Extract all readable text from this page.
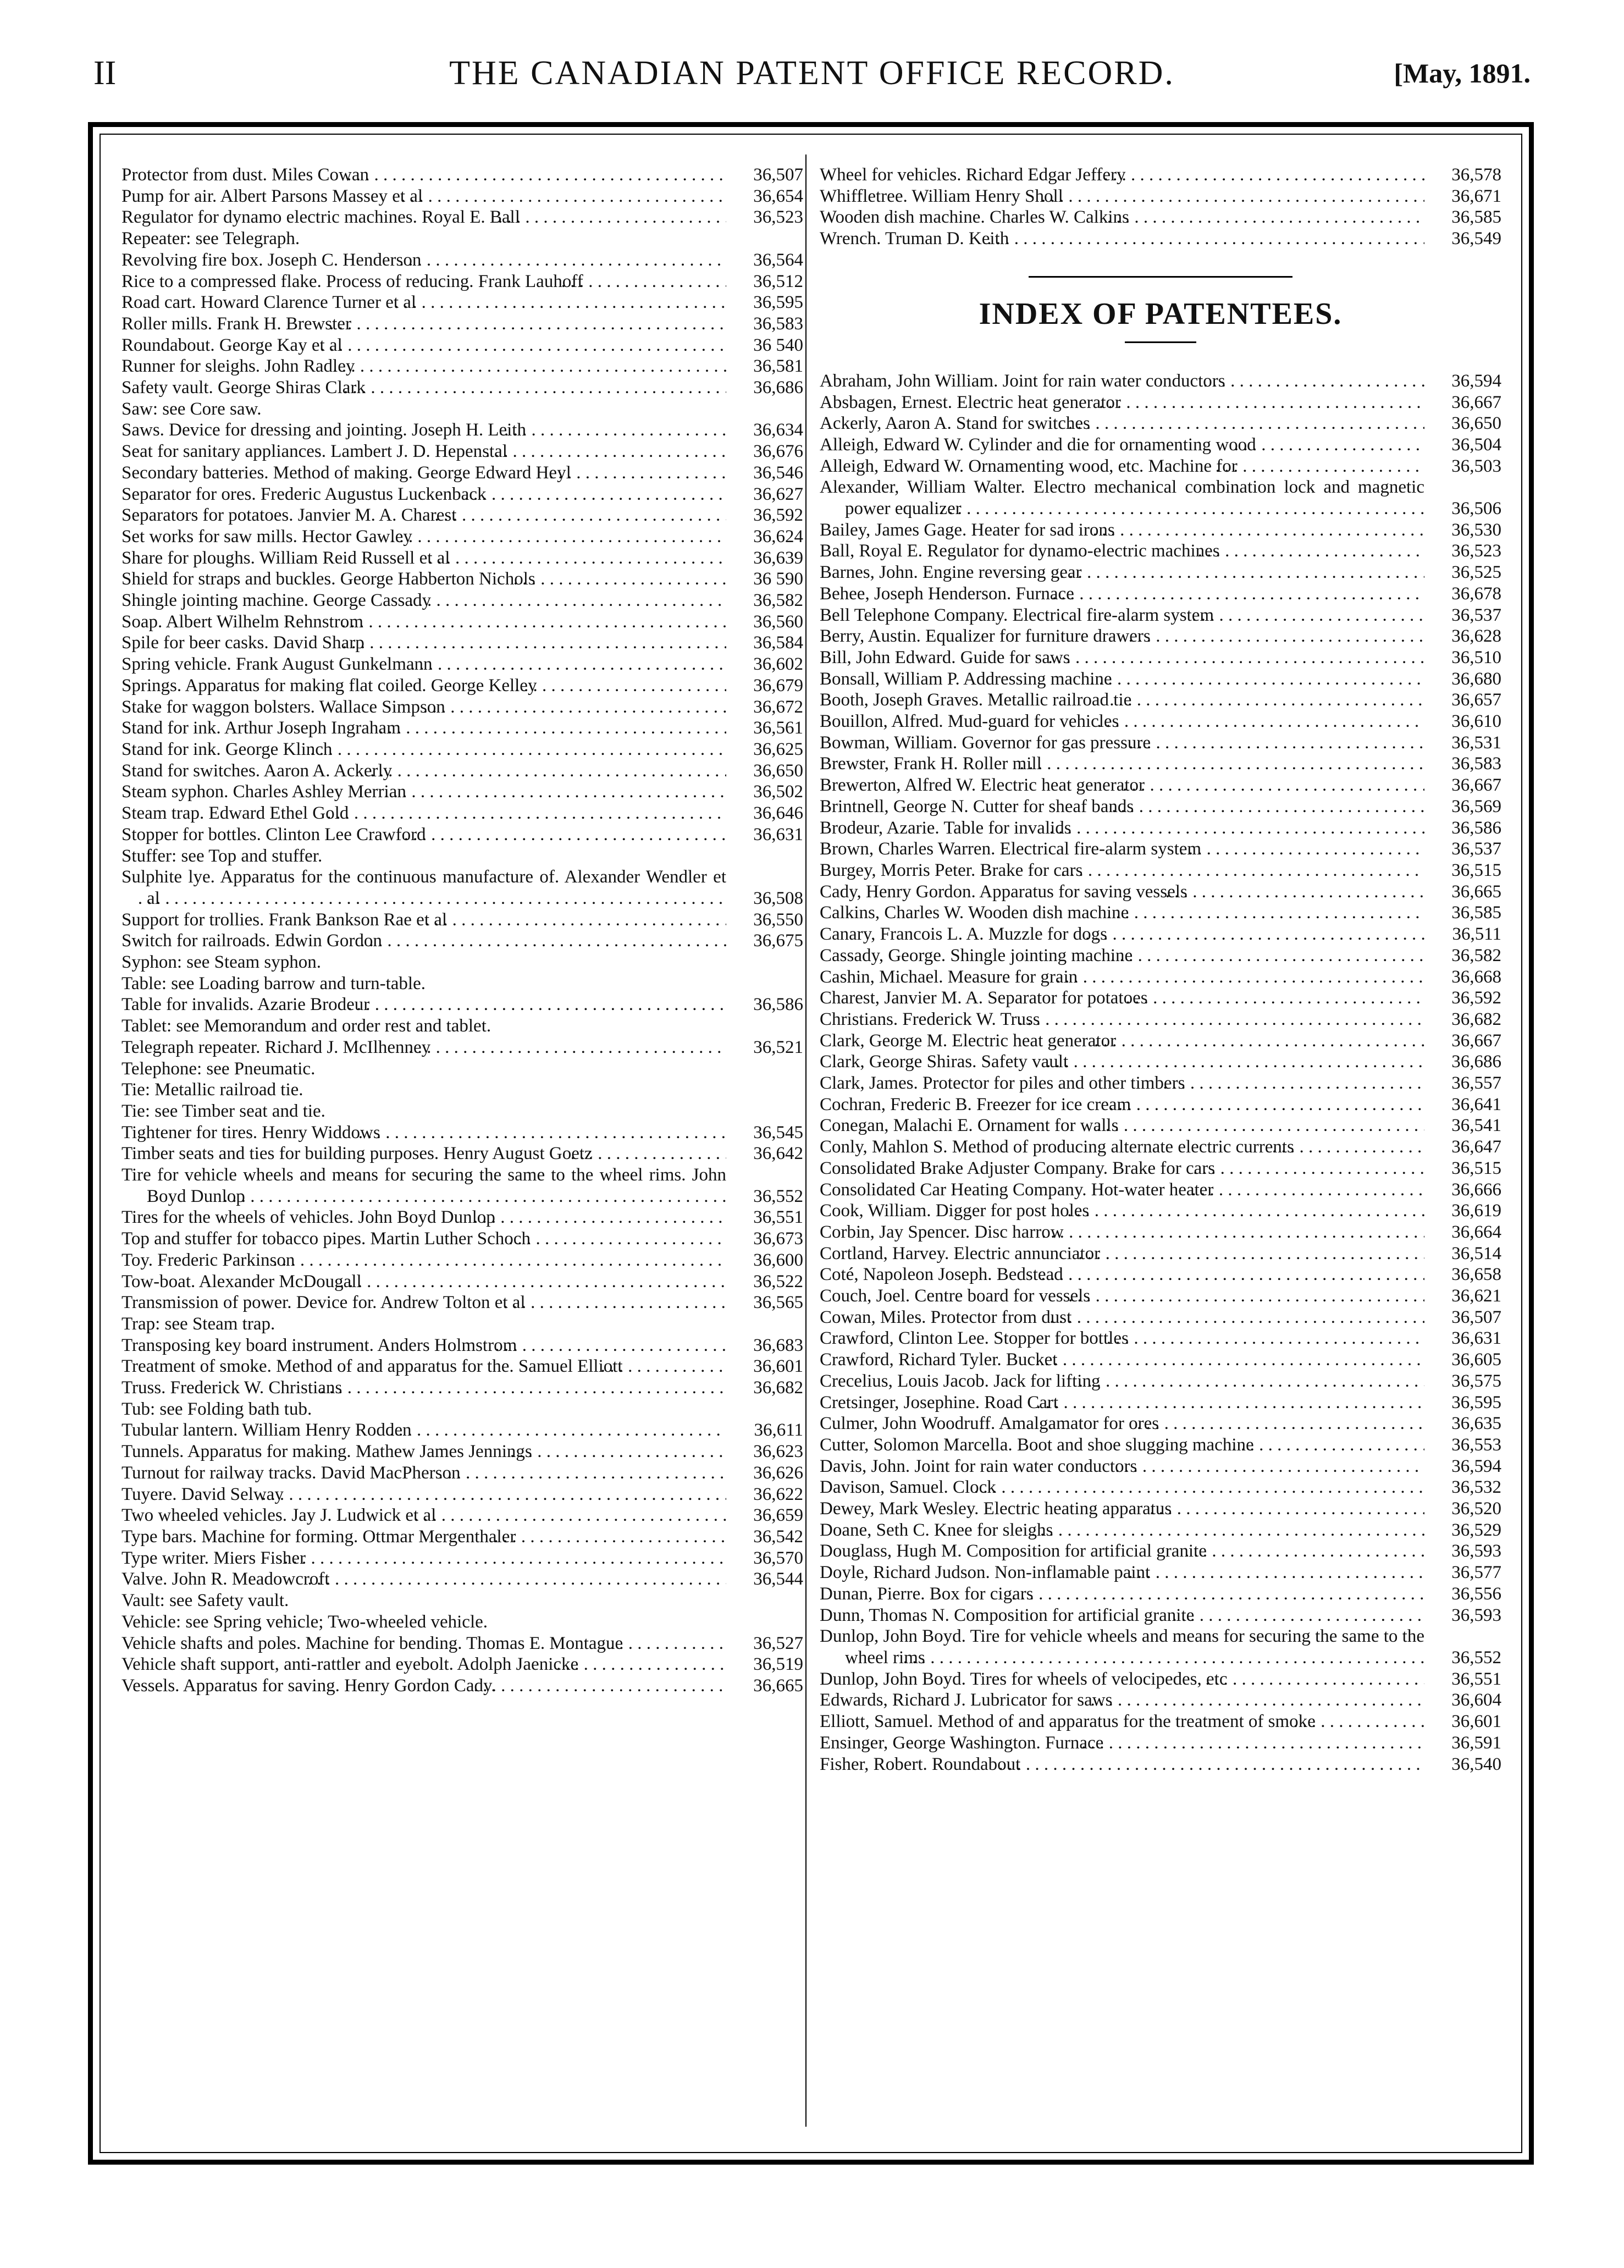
II	THE CANADIAN PATENT OFFICE RECORD.	[May, 1891.
Protector from dust. Miles Cowan . . .	36,507
Pump for air. Albert Parsons Massey et al . . .	36,654
Regulator for dynamo electric machines. Royal E. Ball . . .	36,523
Repeater: see Telegraph.
Revolving fire box. Joseph C. Henderson . . .	36,564
Rice to a compressed flake. Process of reducing. Frank Lauhoff . . .	36,512
Road cart. Howard Clarence Turner et al . . .	36,595
Roller mills. Frank H. Brewster . . .	36,583
Roundabout. George Kay et al . . .	36 540
Runner for sleighs. John Radley . . .	36,581
Safety vault. George Shiras Clark . . .	36,686
Saw: see Core saw.
Saws. Device for dressing and jointing. Joseph H. Leith . . .	36,634
Seat for sanitary appliances. Lambert J. D. Hepenstal . . .	36,676
Secondary batteries. Method of making. George Edward Heyl . . .	36,546
Separator for ores. Frederic Augustus Luckenback . . .	36,627
Separators for potatoes. Janvier M. A. Charest . . .	36,592
Set works for saw mills. Hector Gawley . . .	36,624
Share for ploughs. William Reid Russell et al . . .	36,639
Shield for straps and buckles. George Habberton Nichols . . .	36 590
Shingle jointing machine. George Cassady . . .	36,582
Soap. Albert Wilhelm Rehnstrom . . .	36,560
Spile for beer casks. David Sharp . . .	36,584
Spring vehicle. Frank August Gunkelmann . . .	36,602
Springs. Apparatus for making flat coiled. George Kelley . . .	36,679
Stake for waggon bolsters. Wallace Simpson . . .	36,672
Stand for ink. Arthur Joseph Ingraham . . .	36,561
Stand for ink. George Klinch . . .	36,625
Stand for switches. Aaron A. Ackerly . . .	36,650
Steam syphon. Charles Ashley Merrian . . .	36,502
Steam trap. Edward Ethel Gold . . .	36,646
Stopper for bottles. Clinton Lee Crawford . . .	36,631
Stuffer: see Top and stuffer.
Sulphite lye. Apparatus for the continuous manufacture of. Alexander Wendler et al . . .	36,508
Support for trollies. Frank Bankson Rae et al . . .	36,550
Switch for railroads. Edwin Gordon . . .	36,675
Syphon: see Steam syphon.
Table: see Loading barrow and turn-table.
Table for invalids. Azarie Brodeur . . .	36,586
Tablet: see Memorandum and order rest and tablet.
Telegraph repeater. Richard J. McIlhenney . . .	36,521
Telephone: see Pneumatic.
Tie: Metallic railroad tie.
Tie: see Timber seat and tie.
Tightener for tires. Henry Widdows . . .	36,545
Timber seats and ties for building purposes. Henry August Goetz . . .	36,642
Tire for vehicle wheels and means for securing the same to the wheel rims. John Boyd Dunlop . . .	36,552
Tires for the wheels of vehicles. John Boyd Dunlop . . .	36,551
Top and stuffer for tobacco pipes. Martin Luther Schoch . . .	36,673
Toy. Frederic Parkinson . . .	36,600
Tow-boat. Alexander McDougall . . .	36,522
Transmission of power. Device for. Andrew Tolton et al . . .	36,565
Trap: see Steam trap.
Transposing key board instrument. Anders Holmstrom . . .	36,683
Treatment of smoke. Method of and apparatus for the. Samuel Elliott . . .	36,601
Truss. Frederick W. Christians . . .	36,682
Tub: see Folding bath tub.
Tubular lantern. William Henry Rodden . . .	36,611
Tunnels. Apparatus for making. Mathew James Jennings . . .	36,623
Turnout for railway tracks. David MacPherson . . .	36,626
Tuyere. David Selway . . .	36,622
Two wheeled vehicles. Jay J. Ludwick et al . . .	36,659
Type bars. Machine for forming. Ottmar Mergenthaler . . .	36,542
Type writer. Miers Fisher . . .	36,570
Valve. John R. Meadowcroft . . .	36,544
Vault: see Safety vault.
Vehicle: see Spring vehicle; Two-wheeled vehicle.
Vehicle shafts and poles. Machine for bending. Thomas E. Montague . . .	36,527
Vehicle shaft support, anti-rattler and eyebolt. Adolph Jaenicke . . .	36,519
Vessels. Apparatus for saving. Henry Gordon Cady. . . .	36,665
Wheel for vehicles. Richard Edgar Jeffery . . .	36,578
Whiffletree. William Henry Sholl . . .	36,671
Wooden dish machine. Charles W. Calkins . . .	36,585
Wrench. Truman D. Keith . . .	36,549
INDEX OF PATENTEES.
Abraham, John William. Joint for rain water conductors . . .	36,594
Absbagen, Ernest. Electric heat generator . . .	36,667
Ackerly, Aaron A. Stand for switches . . .	36,650
Alleigh, Edward W. Cylinder and die for ornamenting wood . . .	36,504
Alleigh, Edward W. Ornamenting wood, etc. Machine for . . .	36,503
Alexander, William Walter. Electro mechanical combination lock and magnetic power equalizer . . .	36,506
Bailey, James Gage. Heater for sad irons . . .	36,530
Ball, Royal E. Regulator for dynamo-electric machines . . .	36,523
Barnes, John. Engine reversing gear . . .	36,525
Behee, Joseph Henderson. Furnace . . .	36,678
Bell Telephone Company. Electrical fire-alarm system . . .	36,537
Berry, Austin. Equalizer for furniture drawers . . .	36,628
Bill, John Edward. Guide for saws . . .	36,510
Bonsall, William P. Addressing machine . . .	36,680
Booth, Joseph Graves. Metallic railroad tie . . .	36,657
Bouillon, Alfred. Mud-guard for vehicles . . .	36,610
Bowman, William. Governor for gas pressure . . .	36,531
Brewster, Frank H. Roller mill . . .	36,583
Brewerton, Alfred W. Electric heat generator . . .	36,667
Brintnell, George N. Cutter for sheaf bands . . .	36,569
Brodeur, Azarie. Table for invalids . . .	36,586
Brown, Charles Warren. Electrical fire-alarm system . . .	36,537
Burgey, Morris Peter. Brake for cars . . .	36,515
Cady, Henry Gordon. Apparatus for saving vessels . . .	36,665
Calkins, Charles W. Wooden dish machine . . .	36,585
Canary, Francois L. A. Muzzle for dogs . . .	36,511
Cassady, George. Shingle jointing machine . . .	36,582
Cashin, Michael. Measure for grain . . .	36,668
Charest, Janvier M. A. Separator for potatoes . . .	36,592
Christians. Frederick W. Truss . . .	36,682
Clark, George M. Electric heat generator . . .	36,667
Clark, George Shiras. Safety vault . . .	36,686
Clark, James. Protector for piles and other timbers . . .	36,557
Cochran, Frederic B. Freezer for ice cream . . .	36,641
Conegan, Malachi E. Ornament for walls . . .	36,541
Conly, Mahlon S. Method of producing alternate electric currents . . .	36,647
Consolidated Brake Adjuster Company. Brake for cars . . .	36,515
Consolidated Car Heating Company. Hot-water heater . . .	36,666
Cook, William. Digger for post holes . . .	36,619
Corbin, Jay Spencer. Disc harrow . . .	36,664
Cortland, Harvey. Electric annunciator . . .	36,514
Coté, Napoleon Joseph. Bedstead . . .	36,658
Couch, Joel. Centre board for vessels . . .	36,621
Cowan, Miles. Protector from dust . . .	36,507
Crawford, Clinton Lee. Stopper for bottles . . .	36,631
Crawford, Richard Tyler. Bucket . . .	36,605
Crecelius, Louis Jacob. Jack for lifting . . .	36,575
Cretsinger, Josephine. Road Cart . . .	36,595
Culmer, John Woodruff. Amalgamator for ores . . .	36,635
Cutter, Solomon Marcella. Boot and shoe slugging machine . . .	36,553
Davis, John. Joint for rain water conductors . . .	36,594
Davison, Samuel. Clock . . .	36,532
Dewey, Mark Wesley. Electric heating apparatus . . .	36,520
Doane, Seth C. Knee for sleighs . . .	36,529
Douglass, Hugh M. Composition for artificial granite . . .	36,593
Doyle, Richard Judson. Non-inflamable paint . . .	36,577
Dunan, Pierre. Box for cigars . . .	36,556
Dunn, Thomas N. Composition for artificial granite . . .	36,593
Dunlop, John Boyd. Tire for vehicle wheels and means for securing the same to the wheel rims . . .	36,552
Dunlop, John Boyd. Tires for wheels of velocipedes, etc . . .	36,551
Edwards, Richard J. Lubricator for saws . . .	36,604
Elliott, Samuel. Method of and apparatus for the treatment of smoke . . .	36,601
Ensinger, George Washington. Furnace . . .	36,591
Fisher, Robert. Roundabout . . .	36,540
